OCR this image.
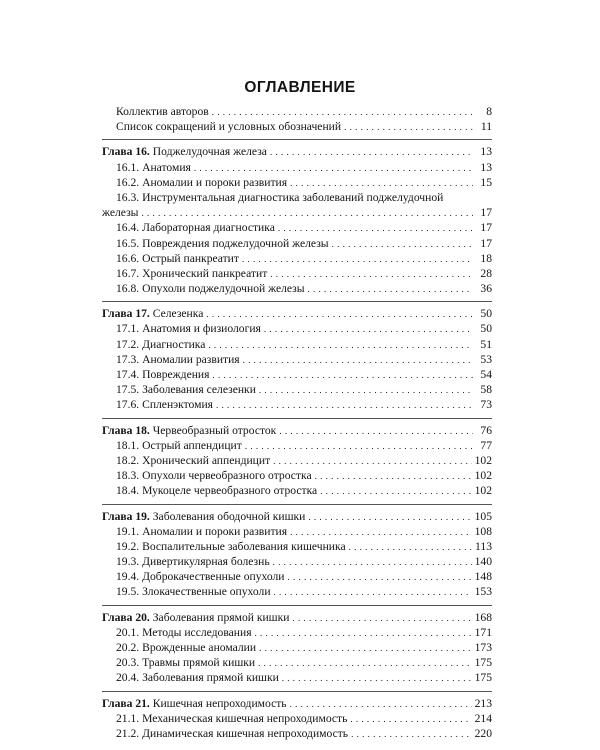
ОГЛАВЛЕНИЕ
Коллектив авторов . . .	8
Список сокращений и условных обозначений . . .	11
Глава 16. Поджелудочная железа . . .	13
16.1. Анатомия . . .	13
16.2. Аномалии и пороки развития . . .	15
16.3. Инструментальная диагностика заболеваний поджелудочной
железы . . .	17
16.4. Лабораторная диагностика . . .	17
16.5. Повреждения поджелудочной железы . . .	17
16.6. Острый панкреатит . . .	18
16.7. Хронический панкреатит . . .	28
16.8. Опухоли поджелудочной железы . . .	36
Глава 17. Селезенка . . .	50
17.1. Анатомия и физиология . . .	50
17.2. Диагностика . . .	51
17.3. Аномалии развития . . .	53
17.4. Повреждения . . .	54
17.5. Заболевания селезенки . . .	58
17.6. Спленэктомия . . .	73
Глава 18. Червеобразный отросток . . .	76
18.1. Острый аппендицит . . .	77
18.2. Хронический аппендицит . . .	102
18.3. Опухоли червеобразного отростка . . .	102
18.4. Мукоцеле червеобразного отростка . . .	102
Глава 19. Заболевания ободочной кишки . . .	105
19.1. Аномалии и пороки развития . . .	108
19.2. Воспалительные заболевания кишечника . . .	113
19.3. Дивертикулярная болезнь . . .	140
19.4. Доброкачественные опухоли . . .	148
19.5. Злокачественные опухоли . . .	153
Глава 20. Заболевания прямой кишки . . .	168
20.1. Методы исследования . . .	171
20.2. Врожденные аномалии . . .	173
20.3. Травмы прямой кишки . . .	175
20.4. Заболевания прямой кишки . . .	175
Глава 21. Кишечная непроходимость . . .	213
21.1. Механическая кишечная непроходимость . . .	214
21.2. Динамическая кишечная непроходимость . . .	220
